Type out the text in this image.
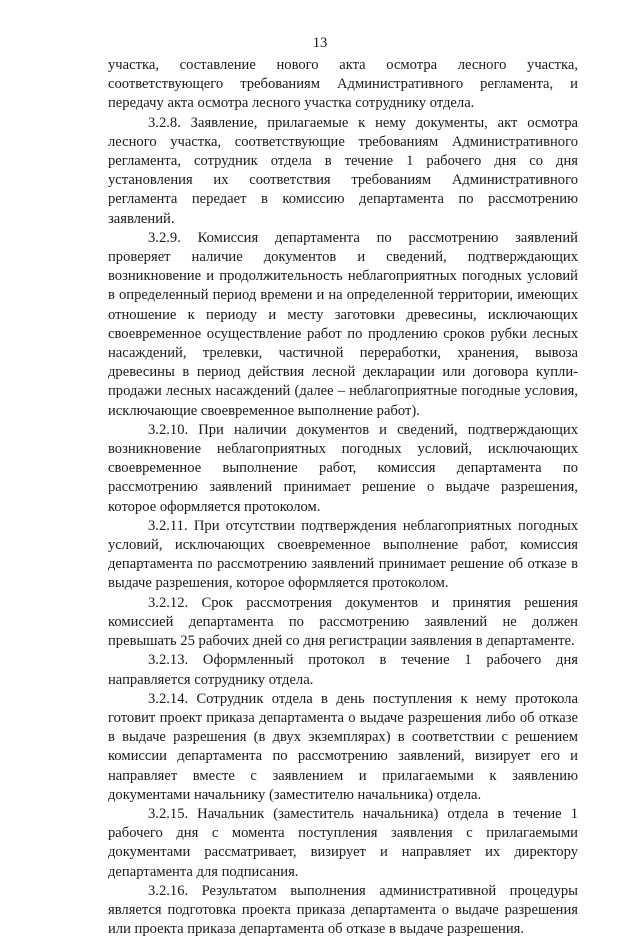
13

участка, составление нового акта осмотра лесного участка, соответствующего требованиям Административного регламента, и передачу акта осмотра лесного участка сотруднику отдела.

3.2.8. Заявление, прилагаемые к нему документы, акт осмотра лесного участка, соответствующие требованиям Административного регламента, сотрудник отдела в течение 1 рабочего дня со дня установления их соответствия требованиям Административного регламента передает в комиссию департамента по рассмотрению заявлений.

3.2.9. Комиссия департамента по рассмотрению заявлений проверяет наличие документов и сведений, подтверждающих возникновение и продолжительность неблагоприятных погодных условий в определенный период времени и на определенной территории, имеющих отношение к периоду и месту заготовки древесины, исключающих своевременное осуществление работ по продлению сроков рубки лесных насаждений, трелевки, частичной переработки, хранения, вывоза древесины в период действия лесной декларации или договора купли-продажи лесных насаждений (далее – неблагоприятные погодные условия, исключающие своевременное выполнение работ).

3.2.10. При наличии документов и сведений, подтверждающих возникновение неблагоприятных погодных условий, исключающих своевременное выполнение работ, комиссия департамента по рассмотрению заявлений принимает решение о выдаче разрешения, которое оформляется протоколом.

3.2.11. При отсутствии подтверждения неблагоприятных погодных условий, исключающих своевременное выполнение работ, комиссия департамента по рассмотрению заявлений принимает решение об отказе в выдаче разрешения, которое оформляется протоколом.

3.2.12. Срок рассмотрения документов и принятия решения комиссией департамента по рассмотрению заявлений не должен превышать 25 рабочих дней со дня регистрации заявления в департаменте.

3.2.13. Оформленный протокол в течение 1 рабочего дня направляется сотруднику отдела.

3.2.14. Сотрудник отдела в день поступления к нему протокола готовит проект приказа департамента о выдаче разрешения либо об отказе в выдаче разрешения (в двух экземплярах) в соответствии с решением комиссии департамента по рассмотрению заявлений, визирует его и направляет вместе с заявлением и прилагаемыми к заявлению документами начальнику (заместителю начальника) отдела.

3.2.15. Начальник (заместитель начальника) отдела в течение 1 рабочего дня с момента поступления заявления с прилагаемыми документами рассматривает, визирует и направляет их директору департамента для подписания.

3.2.16. Результатом выполнения административной процедуры является подготовка проекта приказа департамента о выдаче разрешения или проекта приказа департамента об отказе в выдаче разрешения.
